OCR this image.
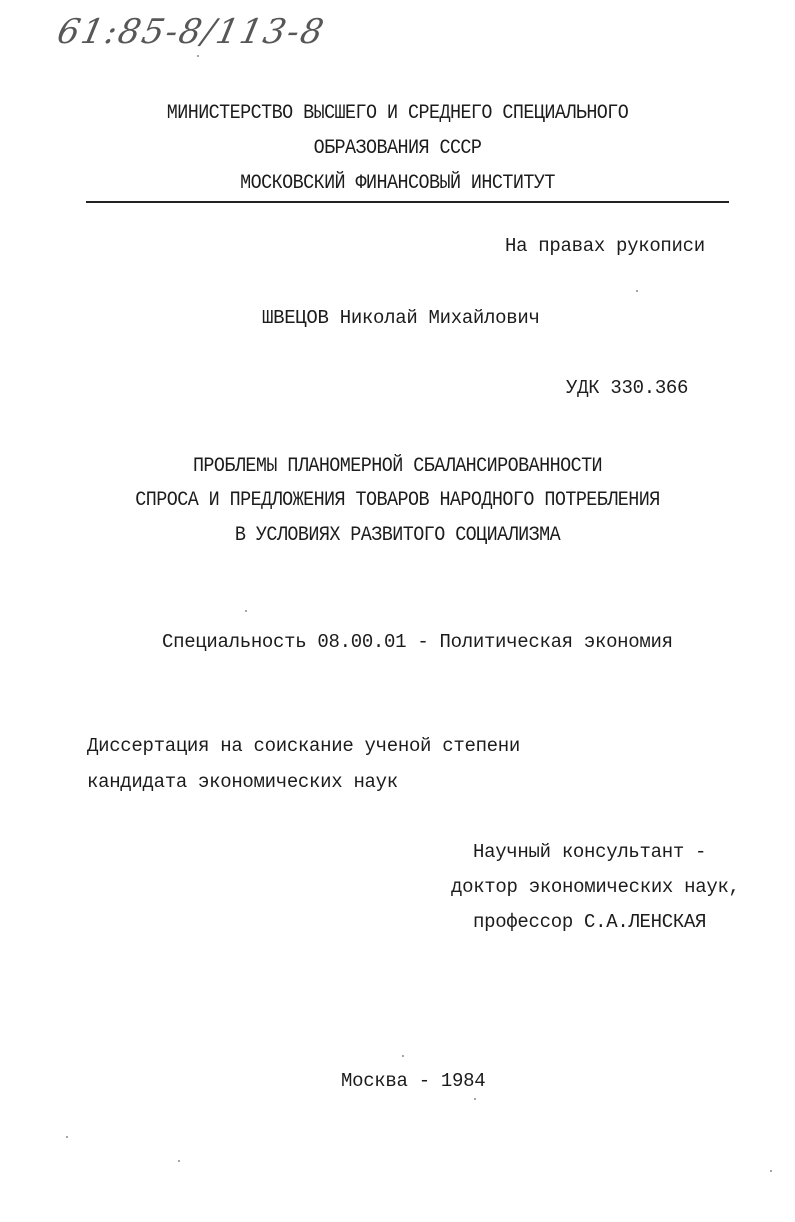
61:85-8/113-8
МИНИСТЕРСТВО ВЫСШЕГО И СРЕДНЕГО СПЕЦИАЛЬНОГО
ОБРАЗОВАНИЯ СССР
МОСКОВСКИЙ ФИНАНСОВЫЙ ИНСТИТУТ
На правах рукописи
ШВЕЦОВ Николай Михайлович
УДК 330.366
ПРОБЛЕМЫ ПЛАНОМЕРНОЙ СБАЛАНСИРОВАННОСТИ
СПРОСА И ПРЕДЛОЖЕНИЯ ТОВАРОВ НАРОДНОГО ПОТРЕБЛЕНИЯ
В УСЛОВИЯХ РАЗВИТОГО СОЦИАЛИЗМА
Специальность 08.00.01 - Политическая экономия
Диссертация на соискание ученой степени
кандидата экономических наук
Научный консультант -
доктор экономических наук,
профессор С.А.ЛЕНСКАЯ
Москва - 1984
